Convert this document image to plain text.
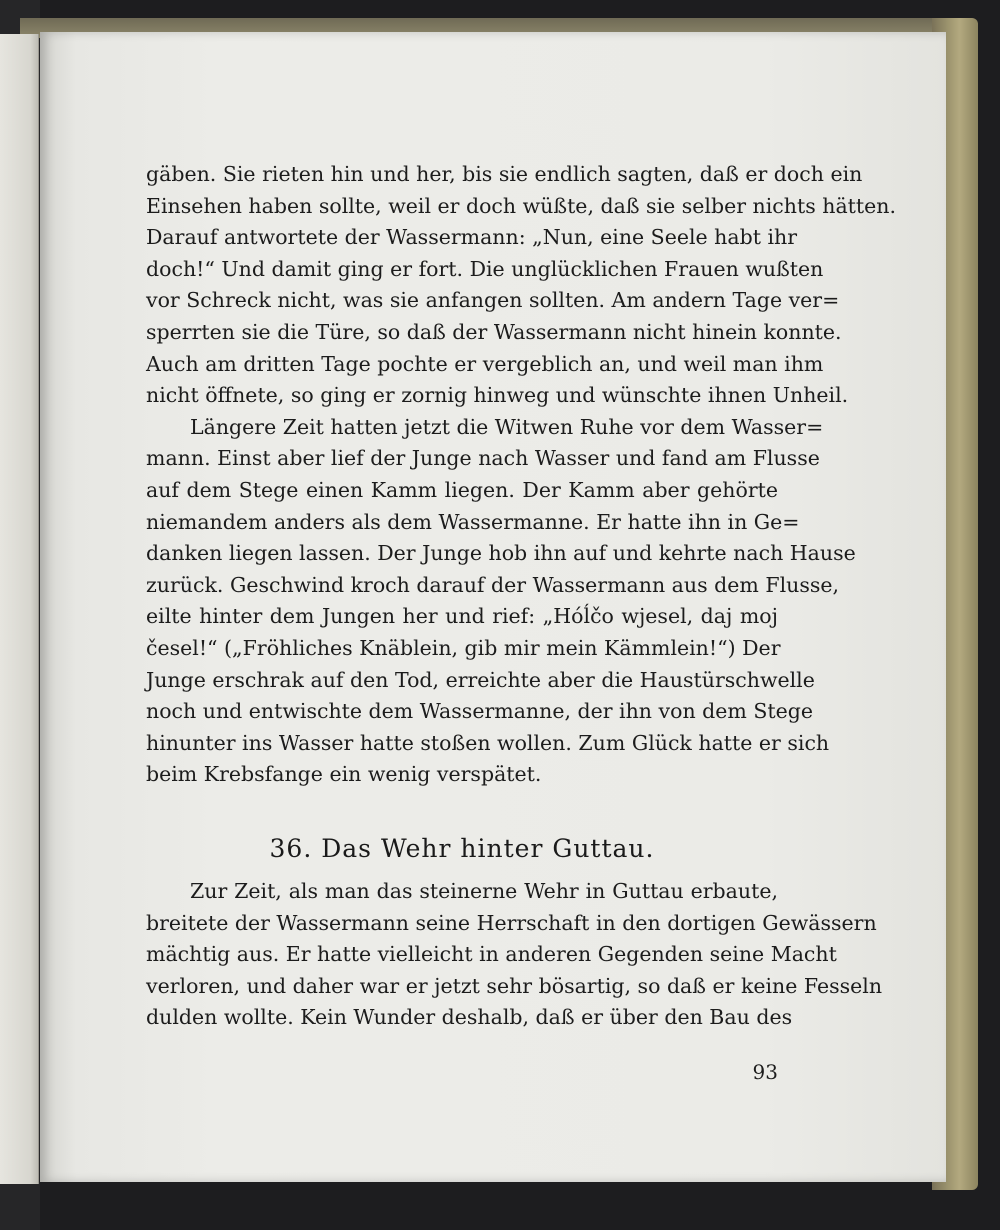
gäben. Sie rieten hin und her, bis sie endlich sagten, daß er doch ein
Einsehen haben sollte, weil er doch wüßte, daß sie selber nichts hätten.
Darauf antwortete der Wassermann: „Nun, eine Seele habt ihr
doch!“ Und damit ging er fort. Die unglücklichen Frauen wußten
vor Schreck nicht, was sie anfangen sollten. Am andern Tage ver=
sperrten sie die Türe, so daß der Wassermann nicht hinein konnte.
Auch am dritten Tage pochte er vergeblich an, und weil man ihm
nicht öffnete, so ging er zornig hinweg und wünschte ihnen Unheil.
Längere Zeit hatten jetzt die Witwen Ruhe vor dem Wasser=
mann. Einst aber lief der Junge nach Wasser und fand am Flusse
auf dem Stege einen Kamm liegen. Der Kamm aber gehörte
niemandem anders als dem Wassermanne. Er hatte ihn in Ge=
danken liegen lassen. Der Junge hob ihn auf und kehrte nach Hause
zurück. Geschwind kroch darauf der Wassermann aus dem Flusse,
eilte hinter dem Jungen her und rief: „Hóĺčo wjesel, daj moj
česel!“ („Fröhliches Knäblein, gib mir mein Kämmlein!“) Der
Junge erschrak auf den Tod, erreichte aber die Haustürschwelle
noch und entwischte dem Wassermanne, der ihn von dem Stege
hinunter ins Wasser hatte stoßen wollen. Zum Glück hatte er sich
beim Krebsfange ein wenig verspätet.
36. Das Wehr hinter Guttau.
Zur Zeit, als man das steinerne Wehr in Guttau erbaute,
breitete der Wassermann seine Herrschaft in den dortigen Gewässern
mächtig aus. Er hatte vielleicht in anderen Gegenden seine Macht
verloren, und daher war er jetzt sehr bösartig, so daß er keine Fesseln
dulden wollte. Kein Wunder deshalb, daß er über den Bau des
93
